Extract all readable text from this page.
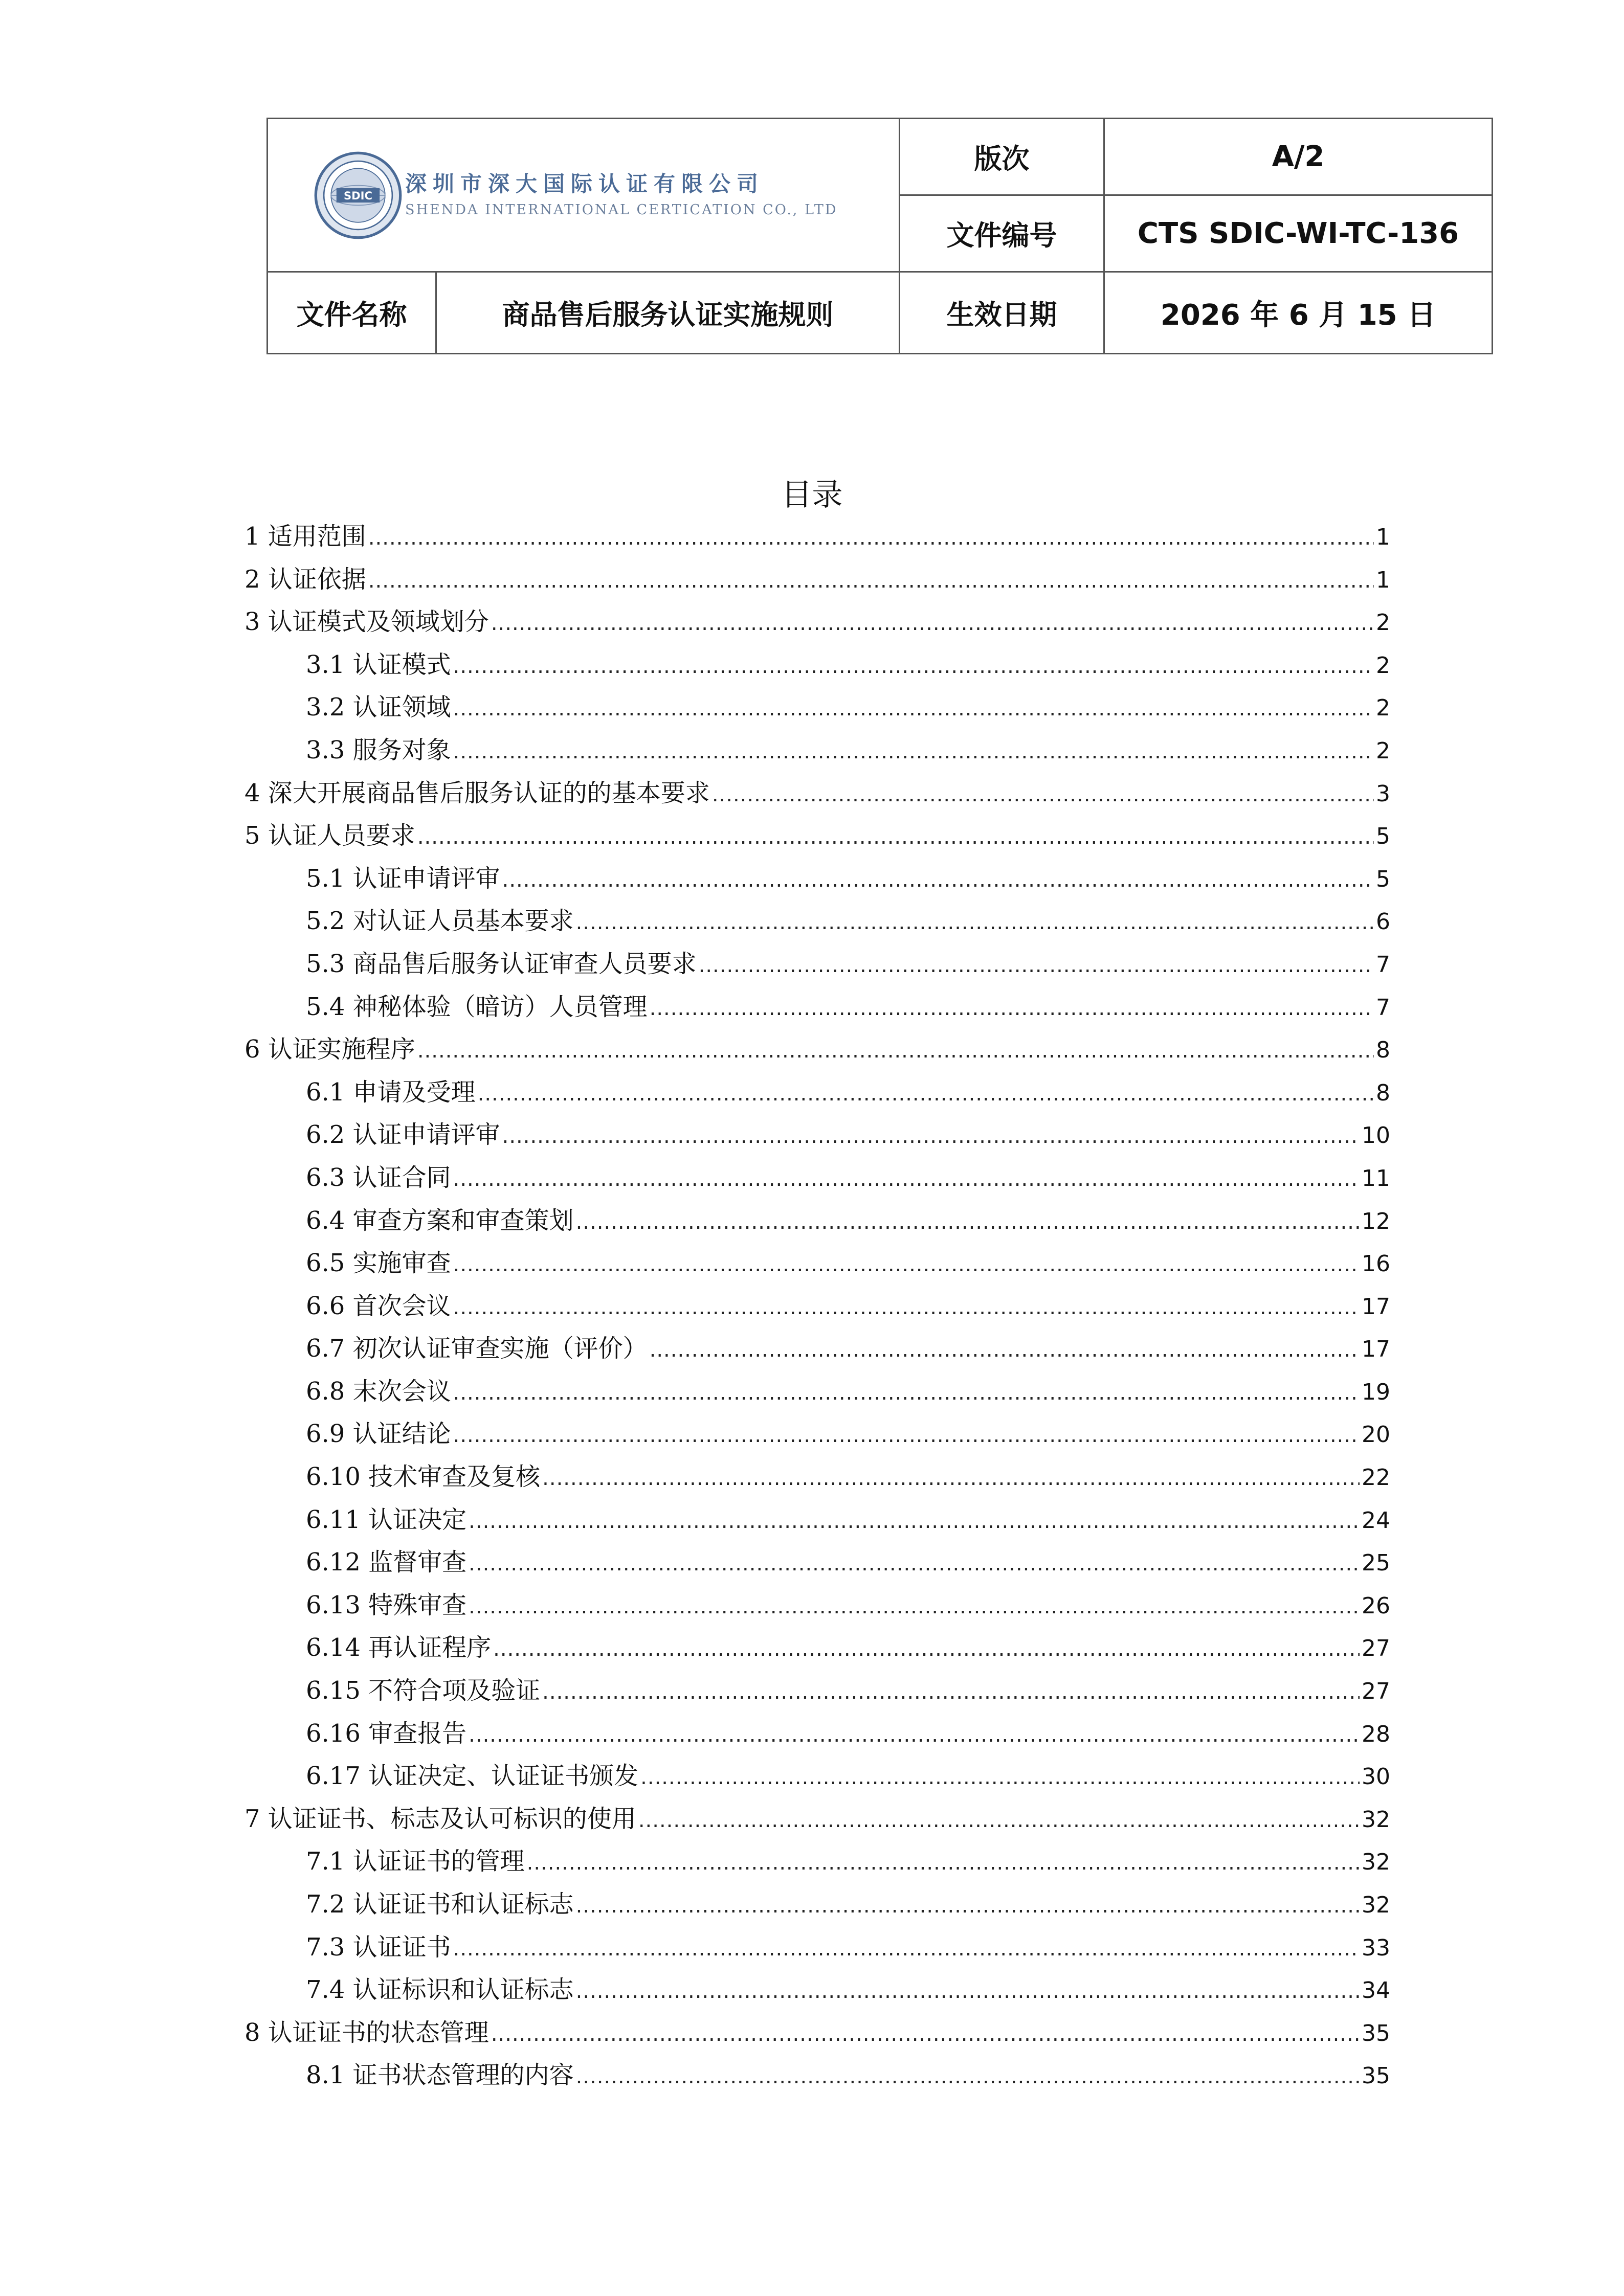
SDIC 深圳市深大国际认证有限公司
SHENDA INTERNATIONAL CERTICATION CO., LTD		版次	A/2
		文件编号	CTS SDIC-WI-TC-136
文件名称	商品售后服务认证实施规则	生效日期	2026 年 6 月 15 日
目录
1 适用范围 .....	1
2 认证依据 .....	1
3 认证模式及领域划分 .....	2
3.1 认证模式 .....	2
3.2 认证领域 .....	2
3.3 服务对象 .....	2
4 深大开展商品售后服务认证的的基本要求 .....	3
5 认证人员要求 .....	5
5.1 认证申请评审 .....	5
5.2 对认证人员基本要求 .....	6
5.3 商品售后服务认证审查人员要求 .....	7
5.4 神秘体验（暗访）人员管理 .....	7
6 认证实施程序 .....	8
6.1 申请及受理 .....	8
6.2 认证申请评审 .....	10
6.3 认证合同 .....	11
6.4 审查方案和审查策划 .....	12
6.5 实施审查 .....	16
6.6 首次会议 .....	17
6.7 初次认证审查实施（评价） .....	17
6.8 末次会议 .....	19
6.9 认证结论 .....	20
6.10 技术审查及复核 .....	22
6.11 认证决定 .....	24
6.12 监督审查 .....	25
6.13 特殊审查 .....	26
6.14 再认证程序 .....	27
6.15 不符合项及验证 .....	27
6.16 审查报告 .....	28
6.17 认证决定、认证证书颁发 .....	30
7 认证证书、标志及认可标识的使用 .....	32
7.1 认证证书的管理 .....	32
7.2 认证证书和认证标志 .....	32
7.3 认证证书 .....	33
7.4 认证标识和认证标志 .....	34
8 认证证书的状态管理 .....	35
8.1 证书状态管理的内容 .....	35
